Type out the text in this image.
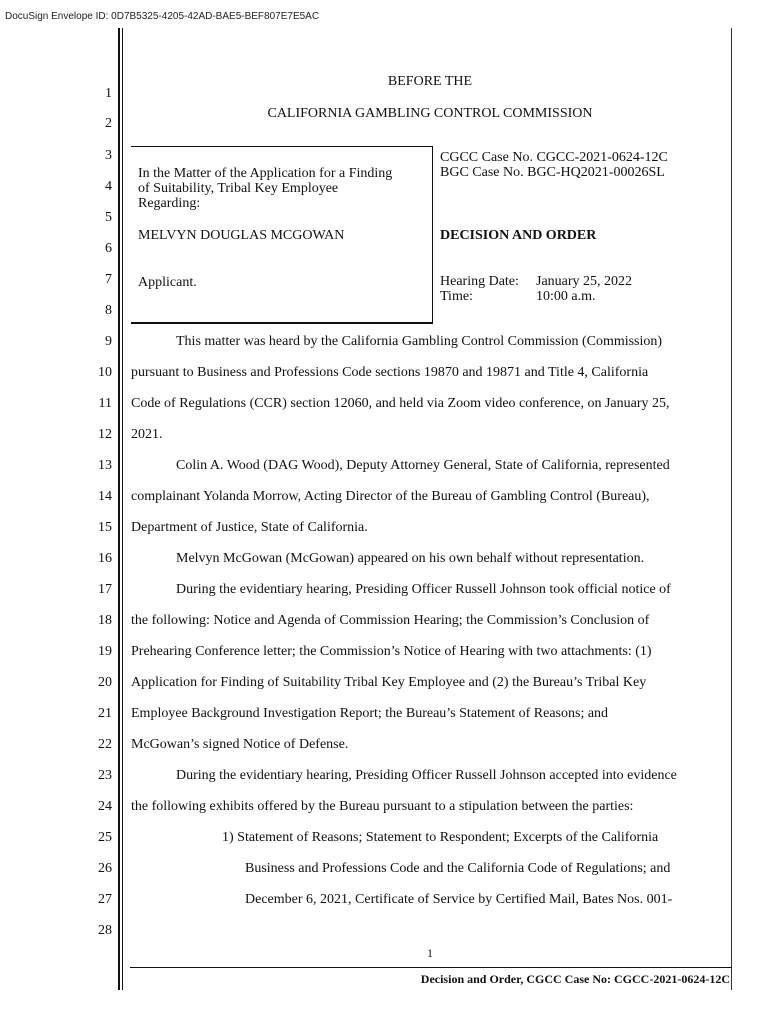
DocuSign Envelope ID: 0D7B5325-4205-42AD-BAE5-BEF807E7E5AC
1
2
3
4
5
6
7
8
9
10
11
12
13
14
15
16
17
18
19
20
21
22
23
24
25
26
27
28
BEFORE THE
CALIFORNIA GAMBLING CONTROL COMMISSION
In the Matter of the Application for a Finding
of Suitability, Tribal Key Employee
Regarding:
MELVYN DOUGLAS MCGOWAN
Applicant.
CGCC Case No. CGCC-2021-0624-12C
BGC Case No. BGC-HQ2021-00026SL
DECISION AND ORDER
Hearing Date: January 25, 2022
Time:	10:00 a.m.
This matter was heard by the California Gambling Control Commission (Commission)
pursuant to Business and Professions Code sections 19870 and 19871 and Title 4, California
Code of Regulations (CCR) section 12060, and held via Zoom video conference, on January 25,
2021.
Colin A. Wood (DAG Wood), Deputy Attorney General, State of California, represented
complainant Yolanda Morrow, Acting Director of the Bureau of Gambling Control (Bureau),
Department of Justice, State of California.
Melvyn McGowan (McGowan) appeared on his own behalf without representation.
During the evidentiary hearing, Presiding Officer Russell Johnson took official notice of
the following: Notice and Agenda of Commission Hearing; the Commission’s Conclusion of
Prehearing Conference letter; the Commission’s Notice of Hearing with two attachments: (1)
Application for Finding of Suitability Tribal Key Employee and (2) the Bureau’s Tribal Key
Employee Background Investigation Report; the Bureau’s Statement of Reasons; and
McGowan’s signed Notice of Defense.
During the evidentiary hearing, Presiding Officer Russell Johnson accepted into evidence
the following exhibits offered by the Bureau pursuant to a stipulation between the parties:
1) Statement of Reasons; Statement to Respondent; Excerpts of the California
Business and Professions Code and the California Code of Regulations; and
December 6, 2021, Certificate of Service by Certified Mail, Bates Nos. 001-
1
Decision and Order, CGCC Case No: CGCC-2021-0624-12C
